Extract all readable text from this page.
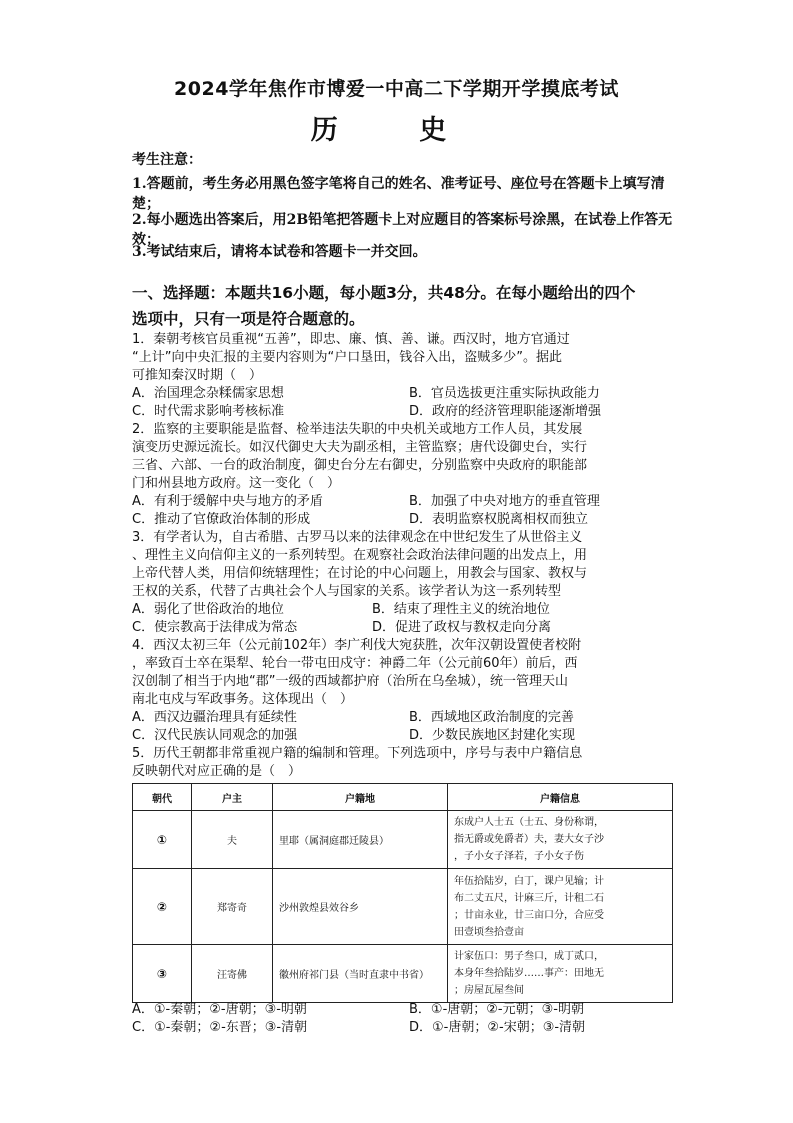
2024学年焦作市博爱一中高二下学期开学摸底考试
历 史
考生注意：
1.答题前，考生务必用黑色签字笔将自己的姓名、准考证号、座位号在答题卡上填写清楚；
3.考试结束后，请将本试卷和答题卡一并交回。
2.每小题选出答案后，用2B铅笔把答题卡上对应题目的答案标号涂黑，在试卷上作答无效；
一、选择题：本题共16小题，每小题3分，共48分。在每小题给出的四个
选项中，只有一项是符合题意的。

1．秦朝考核官员重视“五善”，即忠、廉、慎、善、谦。西汉时，地方官通过

“上计”向中央汇报的主要内容则为“户口垦田，钱谷入出，盗贼多少”。据此

可推知秦汉时期（　）

A．治国理念杂糅儒家思想	B．官员选拔更注重实际执政能力
C．时代需求影响考核标准	D．政府的经济管理职能逐渐增强

2．监察的主要职能是监督、检举违法失职的中央机关或地方工作人员，其发展

演变历史源远流长。如汉代御史大夫为副丞相，主管监察；唐代设御史台，实行

三省、六部、一台的政治制度，御史台分左右御史，分别监察中央政府的职能部

门和州县地方政府。这一变化（　）

A．有利于缓解中央与地方的矛盾	B．加强了中央对地方的垂直管理
C．推动了官僚政治体制的形成	D．表明监察权脱离相权而独立

3．有学者认为，自古希腊、古罗马以来的法律观念在中世纪发生了从世俗主义

、理性主义向信仰主义的一系列转型。在观察社会政治法律问题的出发点上，用

上帝代替人类，用信仰统辖理性；在讨论的中心问题上，用教会与国家、教权与

王权的关系，代替了古典社会个人与国家的关系。该学者认为这一系列转型

A．弱化了世俗政治的地位	B．结束了理性主义的统治地位
C．使宗教高于法律成为常态	D．促进了政权与教权走向分离

4．西汉太初三年（公元前102年）李广利伐大宛获胜，次年汉朝设置使者校附

，率致百士卒在渠犁、轮台一带屯田戍守：神爵二年（公元前60年）前后，西

汉创制了相当于内地“郡”一级的西域都护府（治所在乌垒城），统一管理天山

南北屯戍与军政事务。这体现出（　）

A．西汉边疆治理具有延续性	B．西域地区政治制度的完善
C．汉代民族认同观念的加强	D．少数民族地区封建化实现

5．历代王朝都非常重视户籍的编制和管理。下列选项中，序号与表中户籍信息

反映朝代对应正确的是（　）

朝代	户主	户籍地	户籍信息
①	夫	里耶（属洞庭郡迁陵县）	东成户人士五（士五、身份称谓，
指无爵或免爵者）夫，妻大女子沙
，子小女子泽若，子小女子伤

②	郑寄奇	沙州敦煌县效谷乡	年伍拾陆岁，白丁，课户见输；计
布二丈五尺，计麻三斤，计租二石
；廿亩永业，廿三亩口分，合应受
田壹顷叁拾壹亩

③	汪寄佛	徽州府祁门县（当时直隶中书省）	计家伍口：男子叁口，成丁贰口，
本身年叁拾陆岁……事产：田地无
；房屋瓦屋叁间
A．①-秦朝；②-唐朝；③-明朝	B．①-唐朝；②-元朝；③-明朝
C．①-秦朝；②-东晋；③-清朝	D．①-唐朝；②-宋朝；③-清朝
